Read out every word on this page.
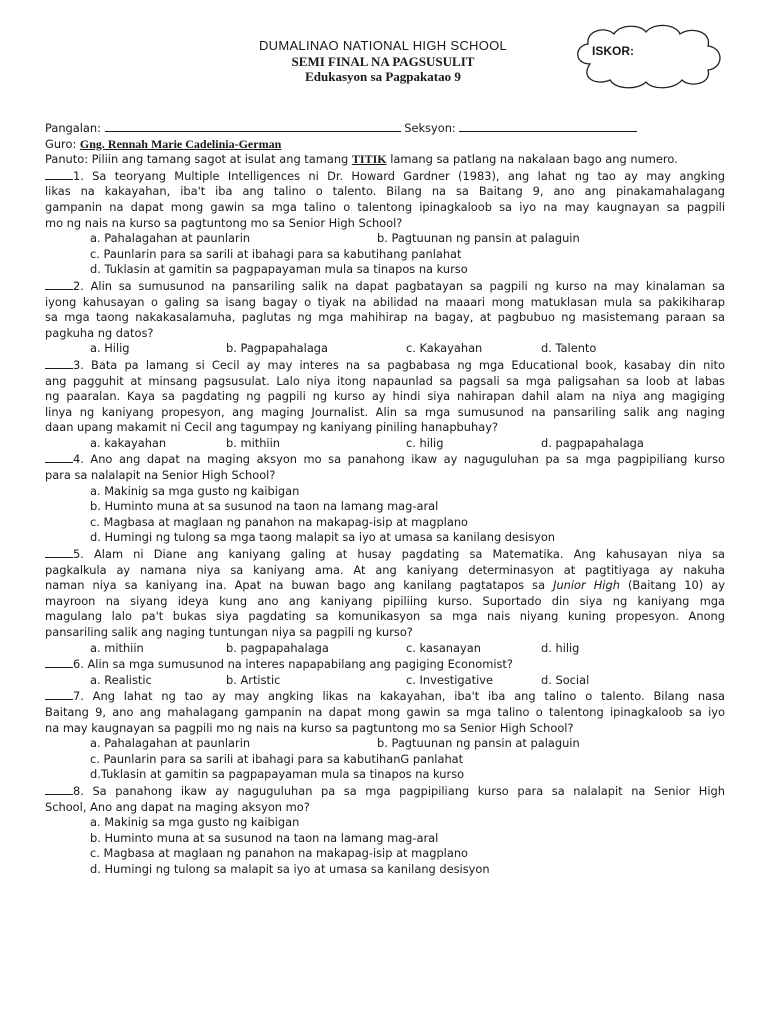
DUMALINAO NATIONAL HIGH SCHOOL
SEMI FINAL NA PAGSUSULIT
Edukasyon sa Pagpakatao 9
ISKOR:
Pangalan:	Seksyon:
Guro: Gng. Rennah Marie Cadelinia-German
Panuto: Piliin ang tamang sagot at isulat ang tamang TITIK lamang sa patlang na nakalaan bago ang numero.
1. Sa teoryang Multiple Intelligences ni Dr. Howard Gardner (1983), ang lahat ng tao ay may angking
likas na kakayahan, iba't iba ang talino o talento. Bilang na sa Baitang 9, ano ang pinakamahalagang
gampanin na dapat mong gawin sa mga talino o talentong ipinagkaloob sa iyo na may kaugnayan sa pagpili
mo ng nais na kurso sa pagtuntong mo sa Senior High School?
a. Pahalagahan at paunlarin	b. Pagtuunan ng pansin at palaguin
c. Paunlarin para sa sarili at ibahagi para sa kabutihang panlahat
d. Tuklasin at gamitin sa pagpapayaman mula sa tinapos na kurso
2. Alin sa sumusunod na pansariling salik na dapat pagbatayan sa pagpili ng kurso na may kinalaman sa
iyong kahusayan o galing sa isang bagay o tiyak na abilidad na maaari mong matuklasan mula sa pakikiharap
sa mga taong nakakasalamuha, paglutas ng mga mahihirap na bagay, at pagbubuo ng masistemang paraan sa
pagkuha ng datos?
a. Hilig	b. Pagpapahalaga	c. Kakayahan	d. Talento
3. Bata pa lamang si Cecil ay may interes na sa pagbabasa ng mga Educational book, kasabay din nito
ang pagguhit at minsang pagsusulat. Lalo niya itong napaunlad sa pagsali sa mga paligsahan sa loob at labas
ng paaralan. Kaya sa pagdating ng pagpili ng kurso ay hindi siya nahirapan dahil alam na niya ang magiging
linya ng kaniyang propesyon, ang maging Journalist. Alin sa mga sumusunod na pansariling salik ang naging
daan upang makamit ni Cecil ang tagumpay ng kaniyang piniling hanapbuhay?
a. kakayahan	b. mithiin	c. hilig	d. pagpapahalaga
4. Ano ang dapat na maging aksyon mo sa panahong ikaw ay naguguluhan pa sa mga pagpipiliang kurso
para sa nalalapit na Senior High School?
a. Makinig sa mga gusto ng kaibigan
b. Huminto muna at sa susunod na taon na lamang mag-aral
c. Magbasa at maglaan ng panahon na makapag-isip at magplano
d. Humingi ng tulong sa mga taong malapit sa iyo at umasa sa kanilang desisyon
5. Alam ni Diane ang kaniyang galing at husay pagdating sa Matematika. Ang kahusayan niya sa
pagkalkula ay namana niya sa kaniyang ama. At ang kaniyang determinasyon at pagtitiyaga ay nakuha
naman niya sa kaniyang ina. Apat na buwan bago ang kanilang pagtatapos sa Junior High (Baitang 10) ay
mayroon na siyang ideya kung ano ang kaniyang pipiliing kurso. Suportado din siya ng kaniyang mga
magulang lalo pa't bukas siya pagdating sa komunikasyon sa mga nais niyang kuning propesyon. Anong
pansariling salik ang naging tuntungan niya sa pagpili ng kurso?
a. mithiin	b. pagpapahalaga	c. kasanayan	d. hilig
6. Alin sa mga sumusunod na interes napapabilang ang pagiging Economist?
a. Realistic	b. Artistic	c. Investigative	d. Social
7. Ang lahat ng tao ay may angking likas na kakayahan, iba't iba ang talino o talento. Bilang nasa
Baitang 9, ano ang mahalagang gampanin na dapat mong gawin sa mga talino o talentong ipinagkaloob sa iyo
na may kaugnayan sa pagpili mo ng nais na kurso sa pagtuntong mo sa Senior High School?
a. Pahalagahan at paunlarin	b. Pagtuunan ng pansin at palaguin
c. Paunlarin para sa sarili at ibahagi para sa kabutihanG panlahat
d.Tuklasin at gamitin sa pagpapayaman mula sa tinapos na kurso
8. Sa panahong ikaw ay naguguluhan pa sa mga pagpipiliang kurso para sa nalalapit na Senior High
School, Ano ang dapat na maging aksyon mo?
a. Makinig sa mga gusto ng kaibigan
b. Huminto muna at sa susunod na taon na lamang mag-aral
c. Magbasa at maglaan ng panahon na makapag-isip at magplano
d. Humingi ng tulong sa malapit sa iyo at umasa sa kanilang desisyon
